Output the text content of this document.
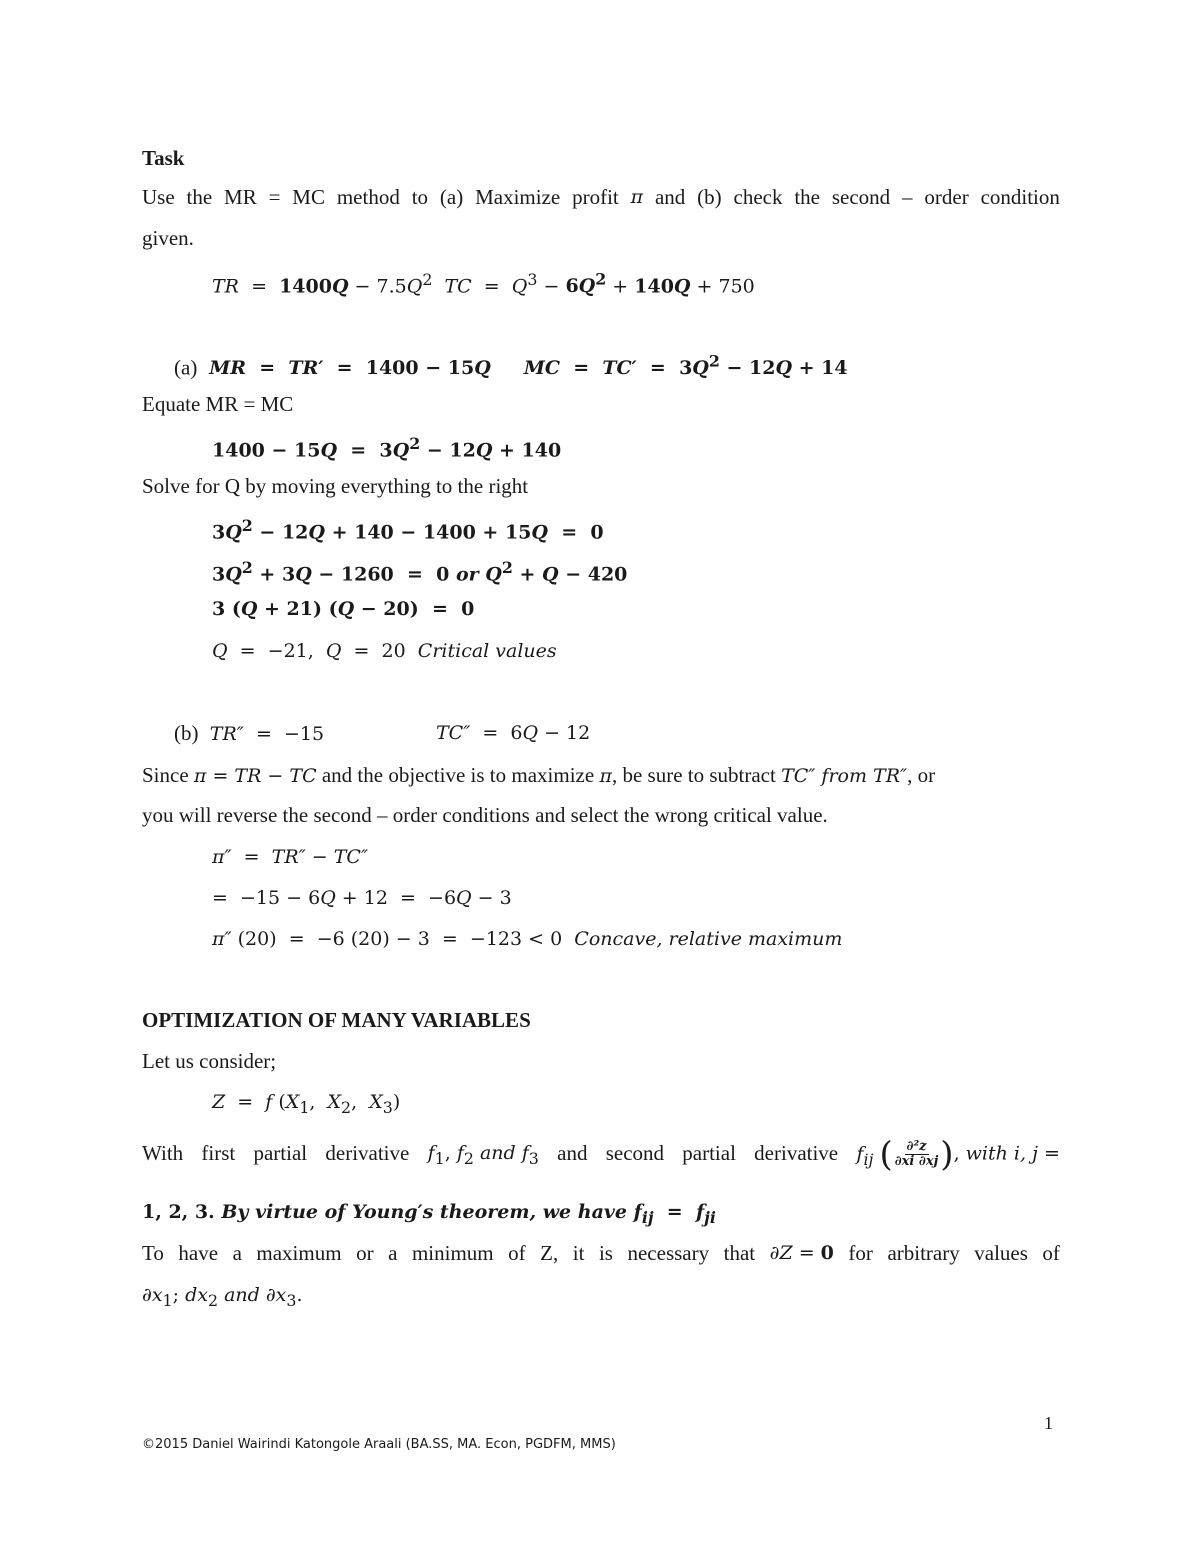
Task
Use the MR = MC method to (a) Maximize profit π and (b) check the second – order condition
given.
TR  =  $1400Q - 7.5Q^2$ TC  =  $Q^3 - 6Q^2 + 140Q + 750$
(a) MR  =  TR′  =  1400 − 15Q MC  =  $TC' = 3Q^2 - 12Q + 14$
Equate MR = MC
$1400 - 15Q = 3Q^2 - 12Q + 140$
Solve for Q by moving everything to the right
$3Q^2 - 12Q + 140 - 1400 + 15Q = 0$
$3Q^2 + 3Q - 1260 = 0$ or $Q^2 + Q - 420$
3 (Q + 21) (Q − 20)  =  0
Q  =  −21,  Q  =  20  Critical values
(b) TR″  =  −15	TC″  =  6Q − 12
Since π = TR − TC and the objective is to maximize π, be sure to subtract TC″ from TR″, or
you will reverse the second – order conditions and select the wrong critical value.
π″  =  TR″ − TC″
=  −15 − 6Q + 12  =  −6Q − 3
π″ (20)  =  −6 (20) − 3  =  −123 < 0  Concave, relative maximum
OPTIMIZATION OF MANY VARIABLES
Let us consider;
Z  =  f ($X_1$,  $X_2$,  $X_3$)
With first partial derivative $f_1$, $f_2$ and $f_3$ and second partial derivative $f_{ij}$ ( $\frac{\text{∂²z}}{\partial xi \partial xj}$ ), with i, j =
1, 2, 3. By virtue of Young′s theorem, we have $f_{ij} = f_{ji}$
To have a maximum or a minimum of Z, it is necessary that ∂Z = 0 for arbitrary values of
$\partial x_1$; $dx_2$ and $\partial x_3$.
1
©2015 Daniel Wairindi Katongole Araali (BA.SS, MA. Econ, PGDFM, MMS)
